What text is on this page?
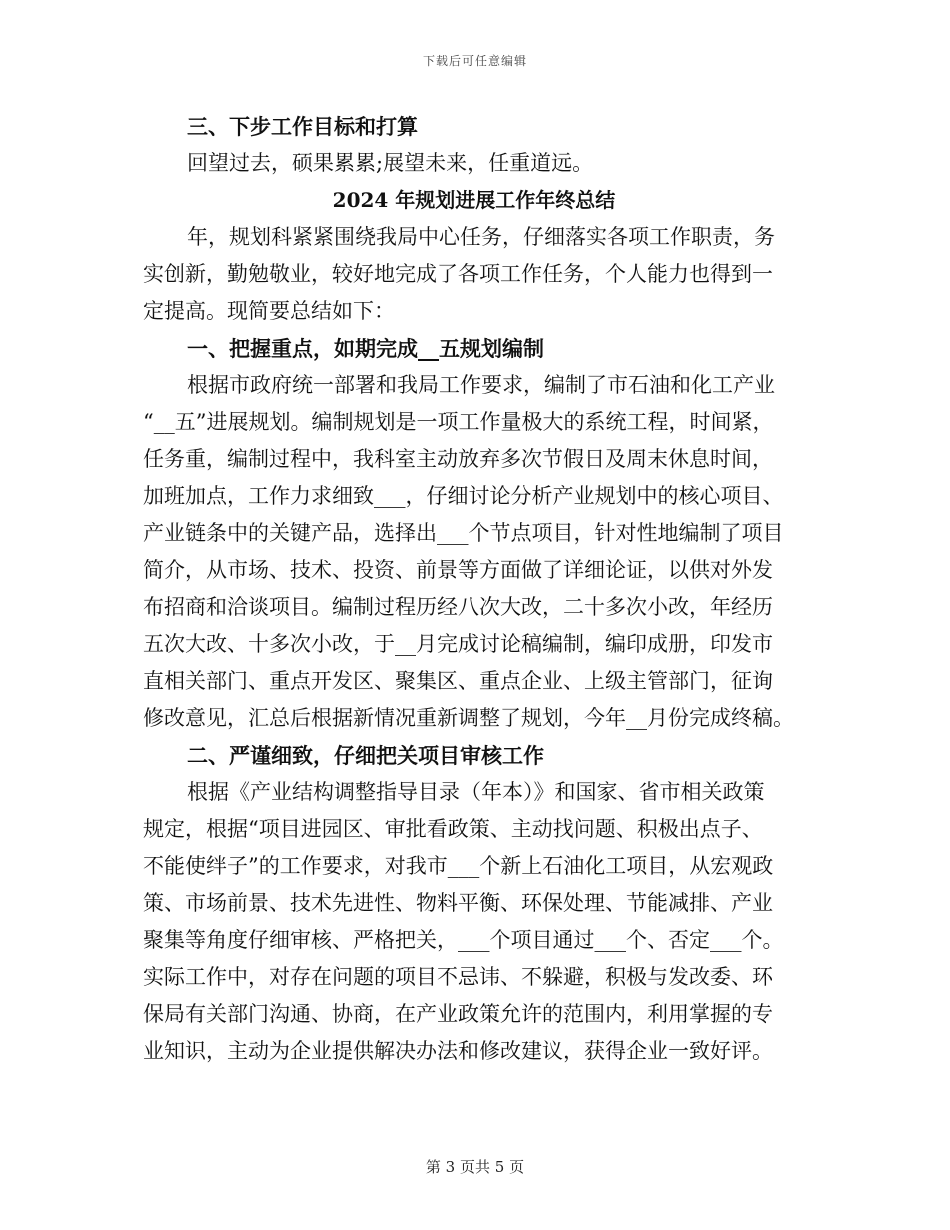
下载后可任意编辑
三、下步工作目标和打算
回望过去，硕果累累;展望未来，任重道远。
2024 年规划进展工作年终总结
年，规划科紧紧围绕我局中心任务，仔细落实各项工作职责，务
实创新，勤勉敬业，较好地完成了各项工作任务，个人能力也得到一
定提高。现简要总结如下：
一、把握重点，如期完成__五规划编制
根据市政府统一部署和我局工作要求，编制了市石油和化工产业
“__五”进展规划。编制规划是一项工作量极大的系统工程，时间紧，
任务重，编制过程中，我科室主动放弃多次节假日及周末休息时间，
加班加点，工作力求细致___，仔细讨论分析产业规划中的核心项目、
产业链条中的关键产品，选择出___个节点项目，针对性地编制了项目
简介，从市场、技术、投资、前景等方面做了详细论证，以供对外发
布招商和洽谈项目。编制过程历经八次大改，二十多次小改，年经历
五次大改、十多次小改，于__月完成讨论稿编制，编印成册，印发市
直相关部门、重点开发区、聚集区、重点企业、上级主管部门，征询
修改意见，汇总后根据新情况重新调整了规划，今年__月份完成终稿。
二、严谨细致，仔细把关项目审核工作
根据《产业结构调整指导目录（年本）》和国家、省市相关政策
规定，根据“项目进园区、审批看政策、主动找问题、积极出点子、
不能使绊子”的工作要求，对我市___个新上石油化工项目，从宏观政
策、市场前景、技术先进性、物料平衡、环保处理、节能减排、产业
聚集等角度仔细审核、严格把关，___个项目通过___个、否定___个。
实际工作中，对存在问题的项目不忌讳、不躲避，积极与发改委、环
保局有关部门沟通、协商，在产业政策允许的范围内，利用掌握的专
业知识，主动为企业提供解决办法和修改建议，获得企业一致好评。
第 3 页共 5 页
